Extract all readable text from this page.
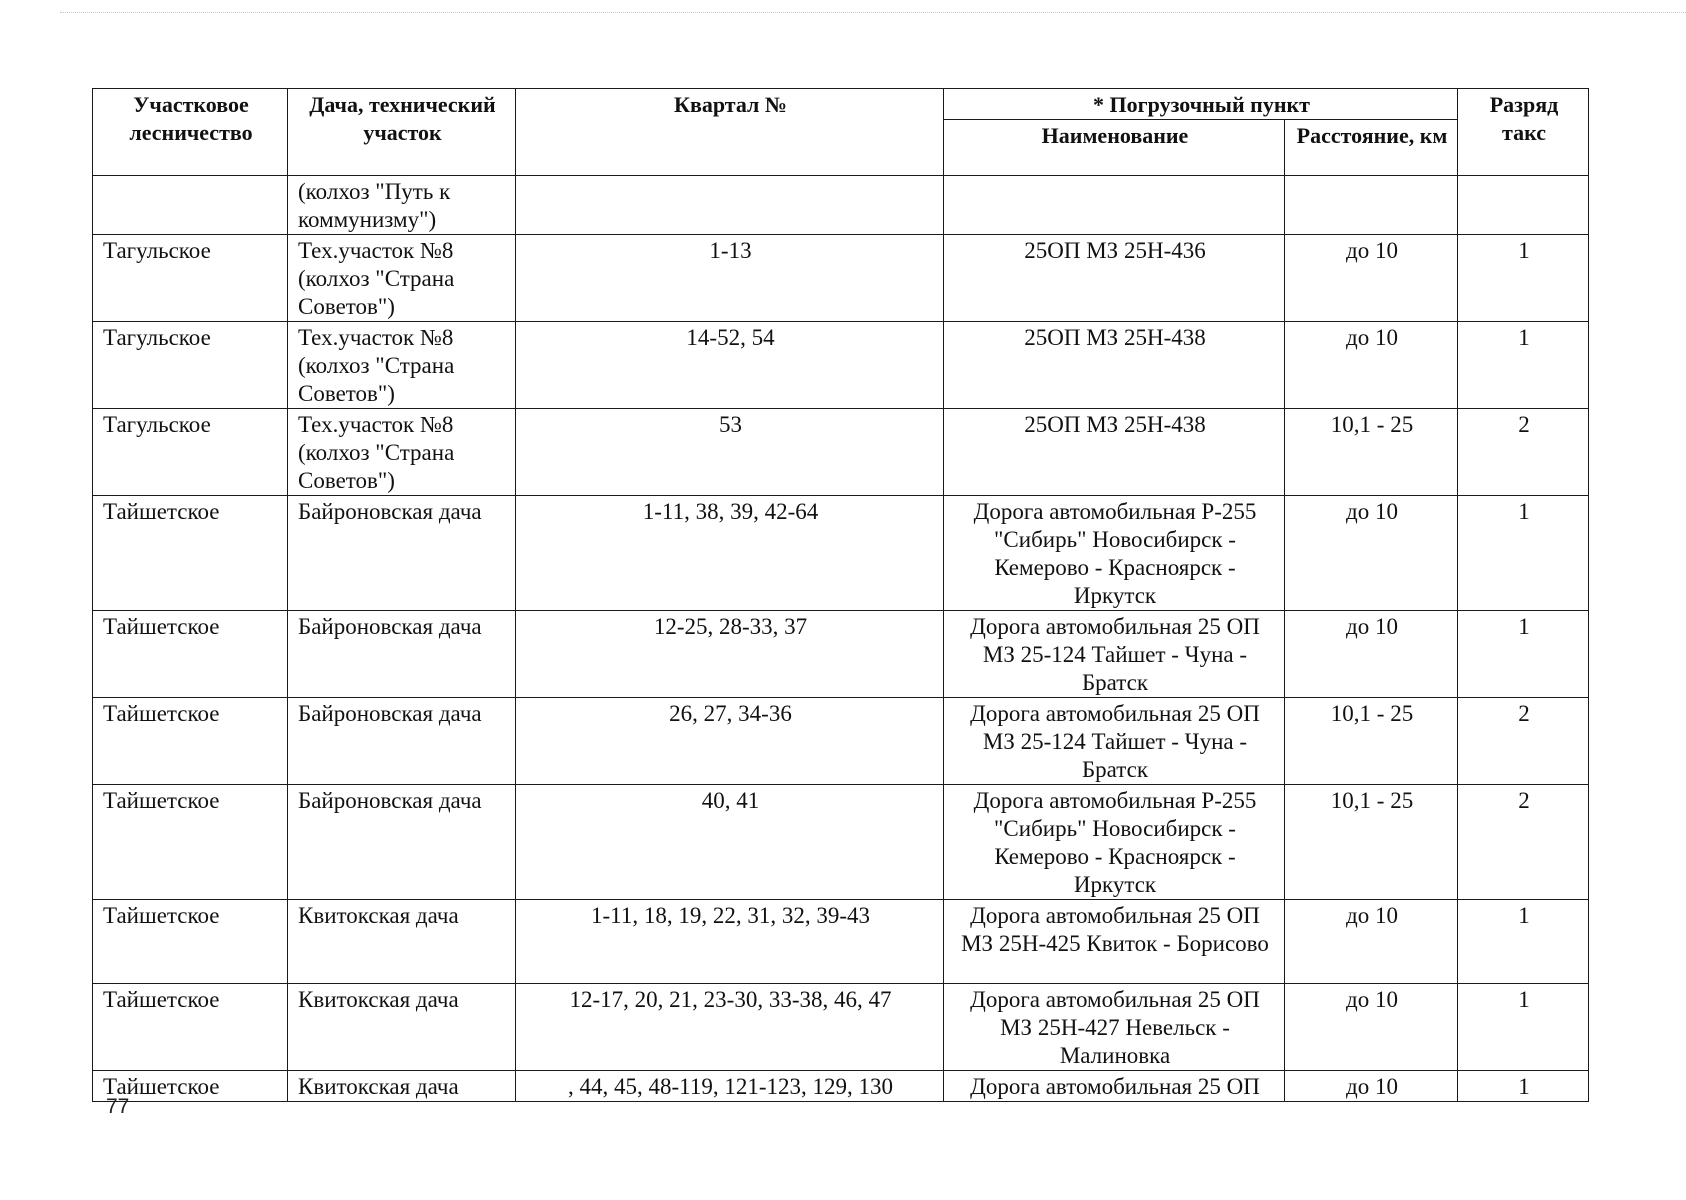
Участковое лесничество	Дача, технический участок	Квартал №	* Погрузочный пункт		Разряд такс
			Наименование	Расстояние, км	
	(колхоз "Путь к коммунизму")				
Тагульское	Тех.участок №8 (колхоз "Страна Советов")	1-13	25ОП МЗ 25Н-436	до 10	1
Тагульское	Тех.участок №8 (колхоз "Страна Советов")	14-52, 54	25ОП МЗ 25Н-438	до 10	1
Тагульское	Тех.участок №8 (колхоз "Страна Советов")	53	25ОП МЗ 25Н-438	10,1 - 25	2
Тайшетское	Байроновская дача	1-11, 38, 39, 42-64	Дорога автомобильная Р-255 "Сибирь" Новосибирск - Кемерово - Красноярск - Иркутск	до 10	1
Тайшетское	Байроновская дача	12-25, 28-33, 37	Дорога автомобильная 25 ОП МЗ 25-124 Тайшет - Чуна - Братск	до 10	1
Тайшетское	Байроновская дача	26, 27, 34-36	Дорога автомобильная 25 ОП МЗ 25-124 Тайшет - Чуна - Братск	10,1 - 25	2
Тайшетское	Байроновская дача	40, 41	Дорога автомобильная Р-255 "Сибирь" Новосибирск - Кемерово - Красноярск - Иркутск	10,1 - 25	2
Тайшетское	Квитокская дача	1-11, 18, 19, 22, 31, 32, 39-43	Дорога автомобильная 25 ОП МЗ 25Н-425 Квиток - Борисово	до 10	1
Тайшетское	Квитокская дача	12-17, 20, 21, 23-30, 33-38, 46, 47	Дорога автомобильная 25 ОП МЗ 25Н-427 Невельск - Малиновка	до 10	1
Тайшетское	Квитокская дача	, 44, 45, 48-119, 121-123, 129, 130	Дорога автомобильная 25 ОП	до 10	1
77
